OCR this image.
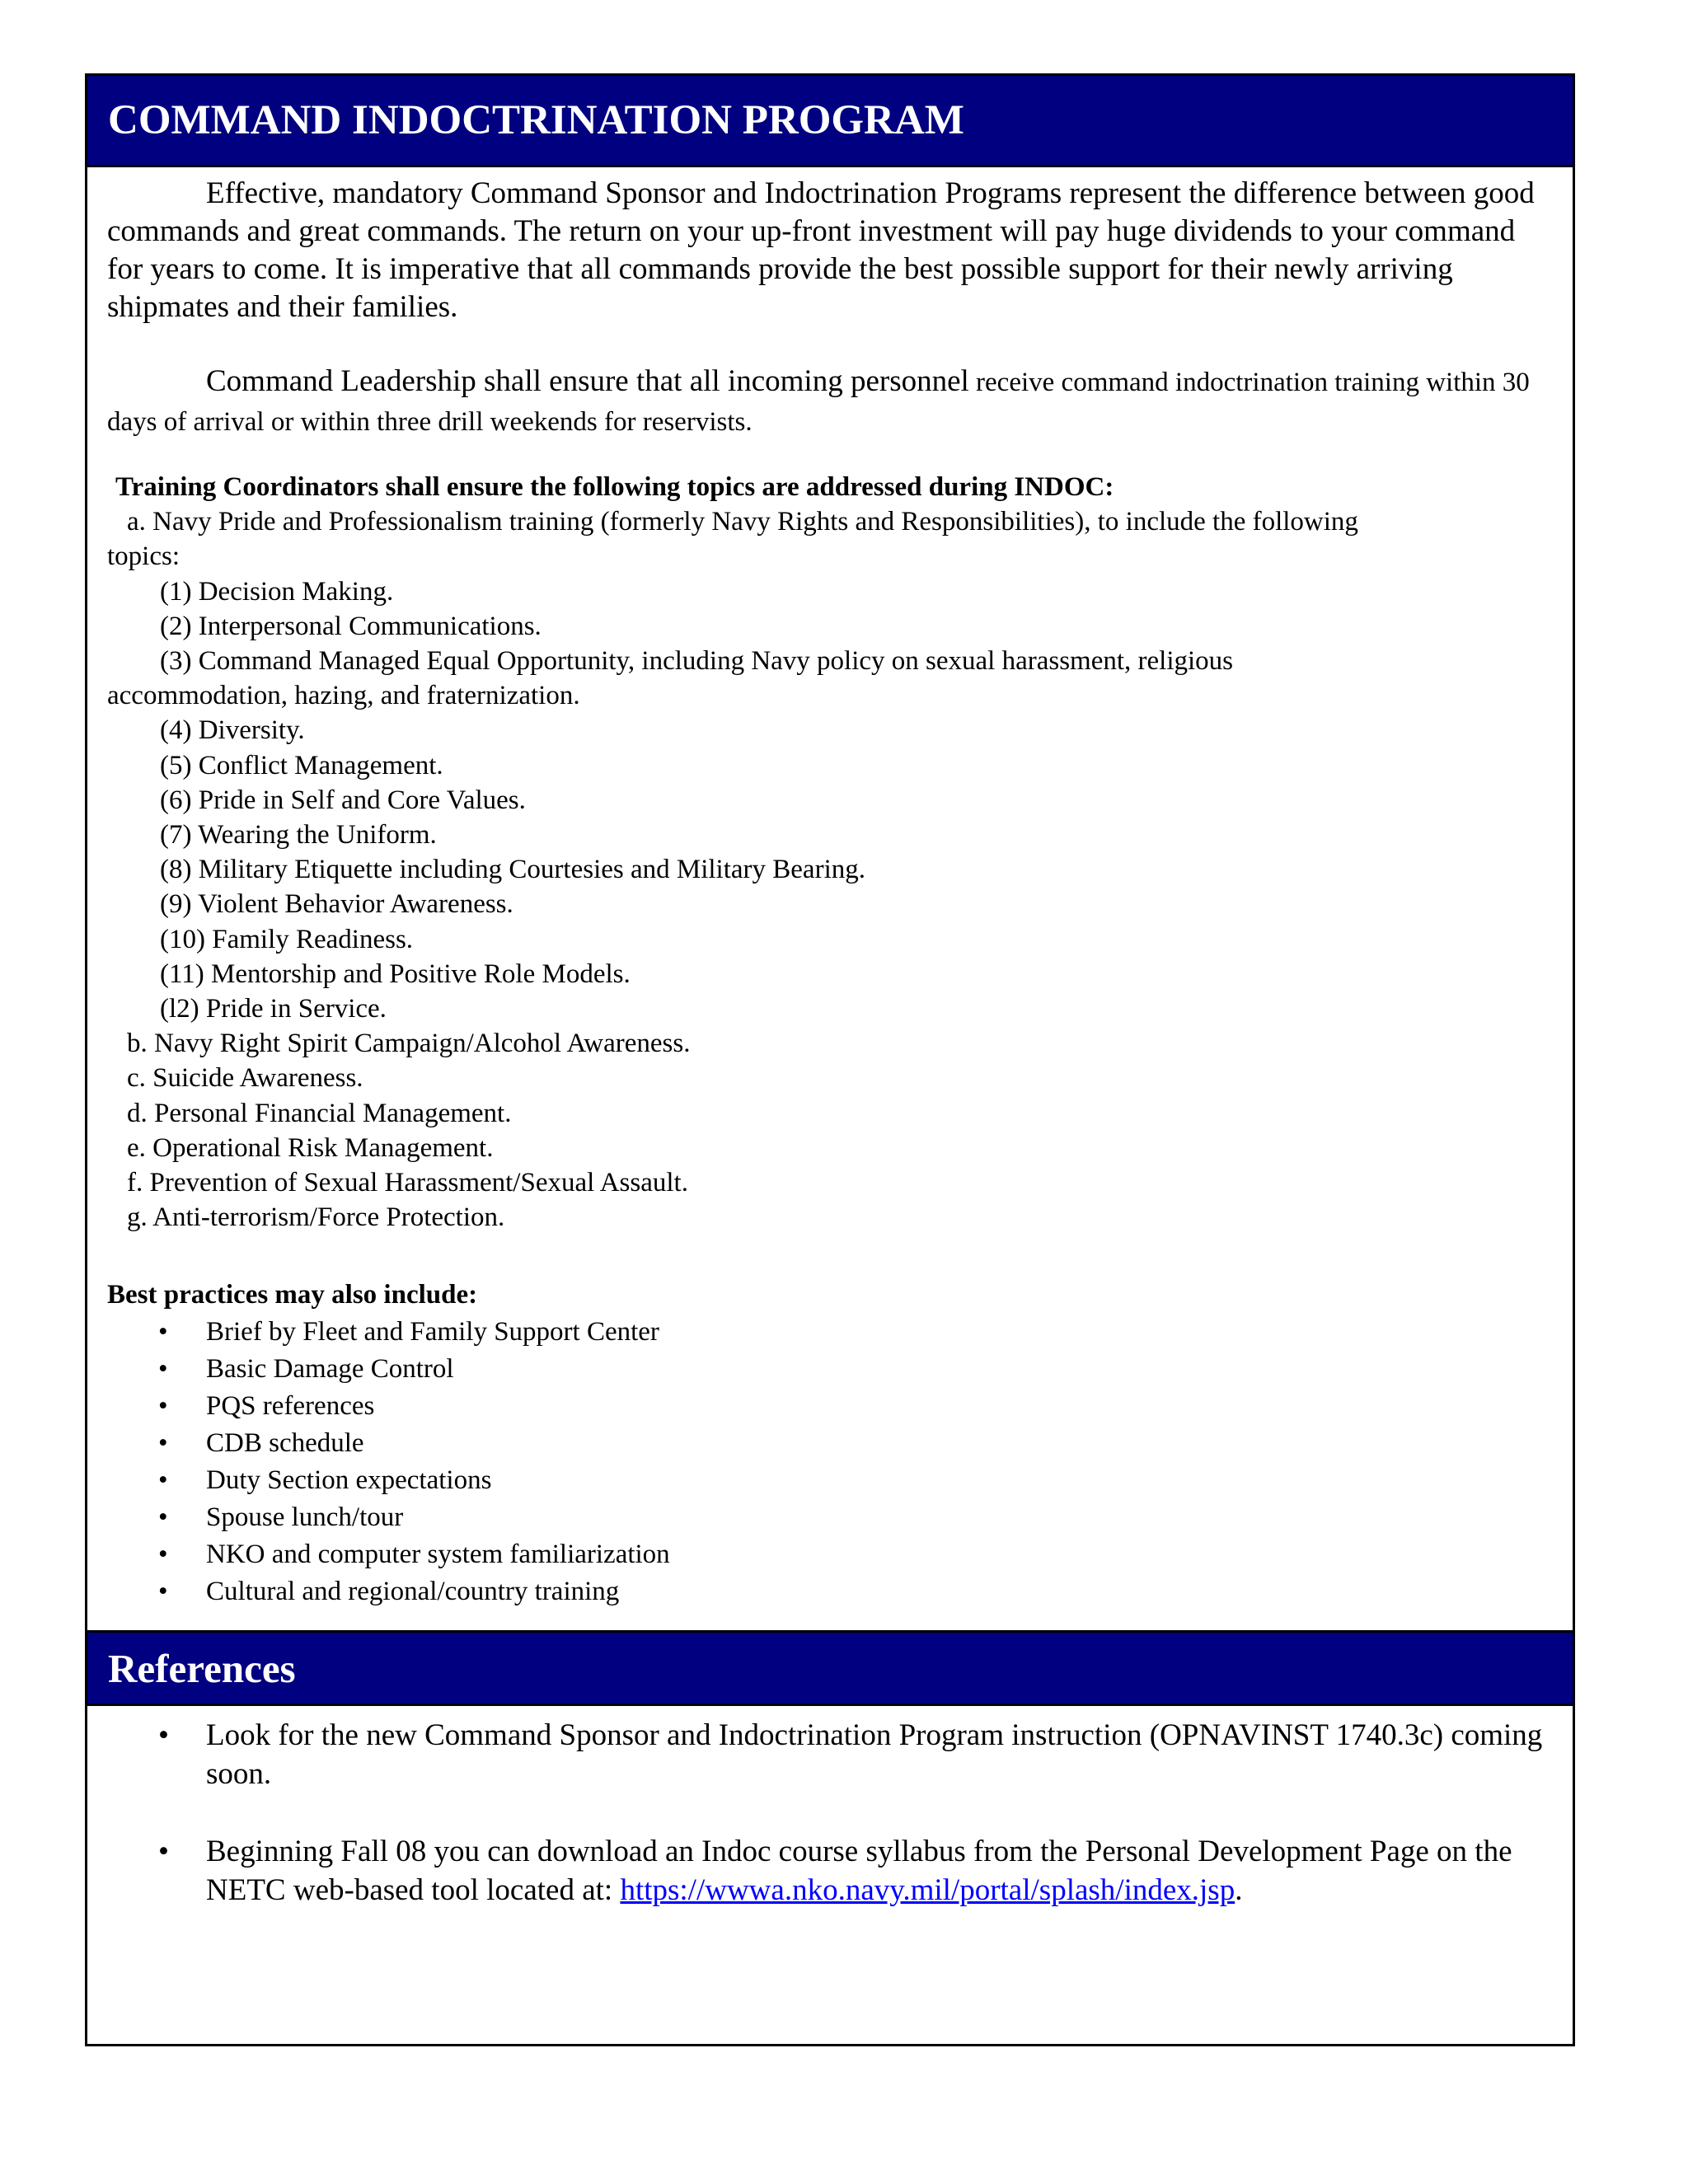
COMMAND INDOCTRINATION PROGRAM

Effective, mandatory Command Sponsor and Indoctrination Programs represent the difference between good commands and great commands. The return on your up-front investment will pay huge dividends to your command for years to come. It is imperative that all commands provide the best possible support for their newly arriving shipmates and their families.

Command Leadership shall ensure that all incoming personnel receive command indoctrination training within 30 days of arrival or within three drill weekends for reservists.

Training Coordinators shall ensure the following topics are addressed during INDOC:
a. Navy Pride and Professionalism training (formerly Navy Rights and Responsibilities), to include the following
topics:
(1) Decision Making.
(2) Interpersonal Communications.
(3) Command Managed Equal Opportunity, including Navy policy on sexual harassment, religious
accommodation, hazing, and fraternization.
(4) Diversity.
(5) Conflict Management.
(6) Pride in Self and Core Values.
(7) Wearing the Uniform.
(8) Military Etiquette including Courtesies and Military Bearing.
(9) Violent Behavior Awareness.
(10) Family Readiness.
(11) Mentorship and Positive Role Models.
(l2) Pride in Service.
b. Navy Right Spirit Campaign/Alcohol Awareness.
c. Suicide Awareness.
d. Personal Financial Management.
e. Operational Risk Management.
f. Prevention of Sexual Harassment/Sexual Assault.
g. Anti-terrorism/Force Protection.

Best practices may also include:

• Brief by Fleet and Family Support Center
• Basic Damage Control
• PQS references
• CDB schedule
• Duty Section expectations
• Spouse lunch/tour
• NKO and computer system familiarization
• Cultural and regional/country training
References
• Look for the new Command Sponsor and Indoctrination Program instruction (OPNAVINST 1740.3c) coming soon.
• Beginning Fall 08 you can download an Indoc course syllabus from the Personal Development Page on the NETC web-based tool located at: https://wwwa.nko.navy.mil/portal/splash/index.jsp.
